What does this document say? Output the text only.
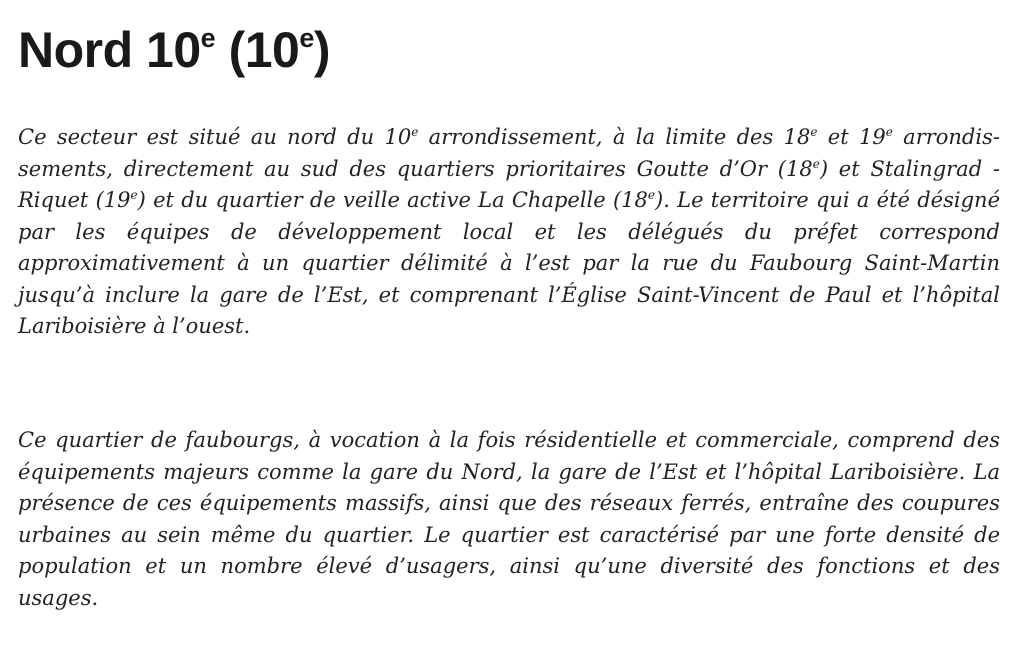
Nord 10e (10e)

Ce secteur est situé au nord du 10e arrondissement, à la limite des 18e et 19e arrondissements, directement au sud des quartiers prioritaires Goutte d’Or (18e) et Stalingrad - Riquet (19e) et du quartier de veille active La Chapelle (18e). Le territoire qui a été désigné par les équipes de développement local et les délégués du préfet correspond approximativement à un quartier délimité à l’est par la rue du Faubourg Saint-Martin jusqu’à inclure la gare de l’Est, et comprenant l’Église Saint-Vincent de Paul et l’hôpital Lariboisière à l’ouest.

Ce quartier de faubourgs, à vocation à la fois résidentielle et commerciale, comprend des équipements majeurs comme la gare du Nord, la gare de l’Est et l’hôpital Lariboisière. La présence de ces équipements massifs, ainsi que des réseaux ferrés, entraîne des coupures urbaines au sein même du quartier. Le quartier est caractérisé par une forte densité de population et un nombre élevé d’usagers, ainsi qu’une diversité des fonctions et des usages.
